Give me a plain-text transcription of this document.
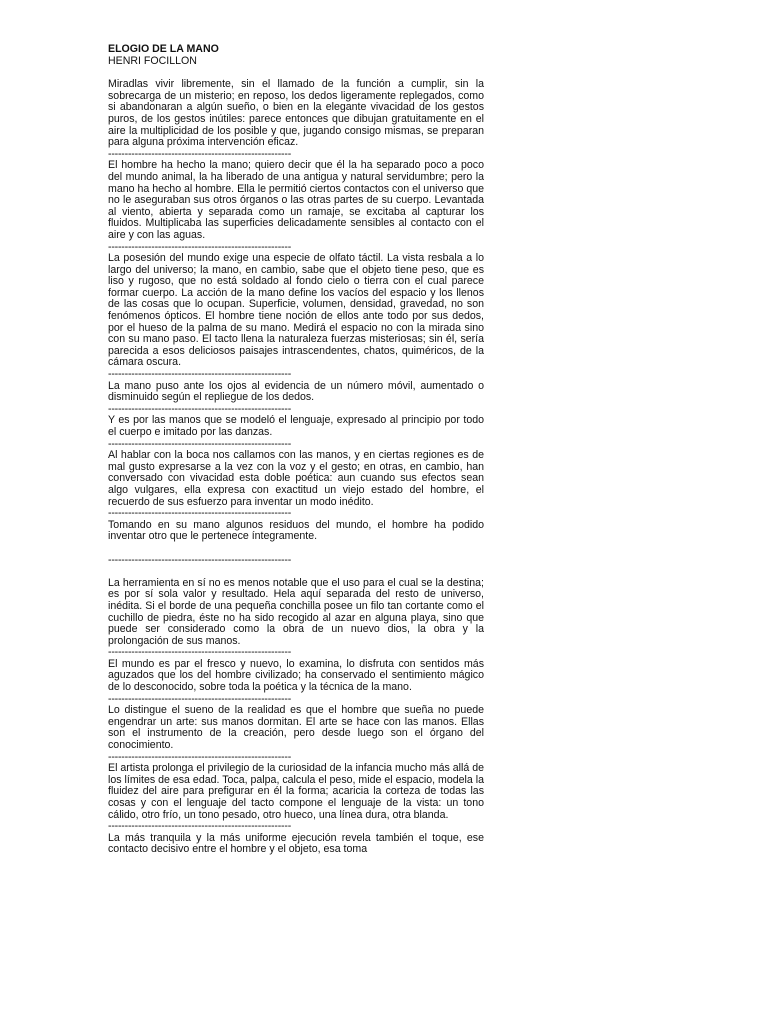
ELOGIO DE LA MANO
HENRI FOCILLON

Miradlas vivir libremente, sin el llamado de la función a cumplir, sin la sobrecarga de un misterio; en reposo, los dedos ligeramente replegados, como si abandonaran a algún sueño, o bien en la elegante vivacidad de los gestos puros, de los gestos inútiles: parece entonces que dibujan gratuitamente en el aire la multiplicidad de los posible y que, jugando consigo mismas, se preparan para alguna próxima intervención eficaz.

-------------------------------------------------------

El hombre ha hecho la mano; quiero decir que él la ha separado poco a poco del mundo animal, la ha liberado de una antigua y natural servidumbre; pero la mano ha hecho al hombre. Ella le permitió ciertos contactos con el universo que no le aseguraban sus otros órganos o las otras partes de su cuerpo. Levantada al viento, abierta y separada como un ramaje, se excitaba al capturar los fluidos. Multiplicaba las superficies delicadamente sensibles al contacto con el aire y con las aguas.

-------------------------------------------------------

La posesión del mundo exige una especie de olfato táctil. La vista resbala a lo largo del universo; la mano, en cambio, sabe que el objeto tiene peso, que es liso y rugoso, que no está soldado al fondo cielo o tierra con el cual parece formar cuerpo. La acción de la mano define los vacíos del espacio y los llenos de las cosas que lo ocupan. Superficie, volumen, densidad, gravedad, no son fenómenos ópticos. El hombre tiene noción de ellos ante todo por sus dedos, por el hueso de la palma de su mano. Medirá el espacio no con la mirada sino con su mano paso. El tacto llena la naturaleza fuerzas misteriosas; sin él, sería parecida a esos deliciosos paisajes intrascendentes, chatos, quiméricos, de la cámara oscura.

-------------------------------------------------------

La mano puso ante los ojos al evidencia de un número móvil, aumentado o disminuido según el repliegue de los dedos.

-------------------------------------------------------

Y es por las manos que se modeló el lenguaje, expresado al principio por todo el cuerpo e imitado por las danzas.

-------------------------------------------------------

Al hablar con la boca nos callamos con las manos, y en ciertas regiones es de mal gusto expresarse a la vez con la voz y el gesto; en otras, en cambio, han conversado con vivacidad esta doble poética: aun cuando sus efectos sean algo vulgares, ella expresa con exactitud un viejo estado del hombre, el recuerdo de sus esfuerzo para inventar un modo inédito.

-------------------------------------------------------

Tomando en su mano algunos residuos del mundo, el hombre ha podido inventar otro que le pertenece íntegramente.

-------------------------------------------------------

La herramienta en sí no es menos notable que el uso para el cual se la destina; es por sí sola valor y resultado. Hela aquí separada del resto de universo, inédita. Si el borde de una pequeña conchilla posee un filo tan cortante como el cuchillo de piedra, éste no ha sido recogido al azar en alguna playa, sino que puede ser considerado como la obra de un nuevo dios, la obra y la prolongación de sus manos.

-------------------------------------------------------

El mundo es par el fresco y nuevo, lo examina, lo disfruta con sentidos más aguzados que los del hombre civilizado; ha conservado el sentimiento mágico de lo desconocido, sobre toda la poética y la técnica de la mano.

-------------------------------------------------------

Lo distingue el sueno de la realidad es que el hombre que sueña no puede engendrar un arte: sus manos dormitan. El arte se hace con las manos. Ellas son el instrumento de la creación, pero desde luego son el órgano del conocimiento.

-------------------------------------------------------

El artista prolonga el privilegio de la curiosidad de la infancia mucho más allá de los límites de esa edad. Toca, palpa, calcula el peso, mide el espacio, modela la fluidez del aire para prefigurar en él la forma; acaricia la corteza de todas las cosas y con el lenguaje del tacto compone el lenguaje de la vista: un tono cálido, otro frío, un tono pesado, otro hueco, una línea dura, otra blanda.

-------------------------------------------------------

La más tranquila y la más uniforme ejecución revela también el toque, ese contacto decisivo entre el hombre y el objeto, esa toma
